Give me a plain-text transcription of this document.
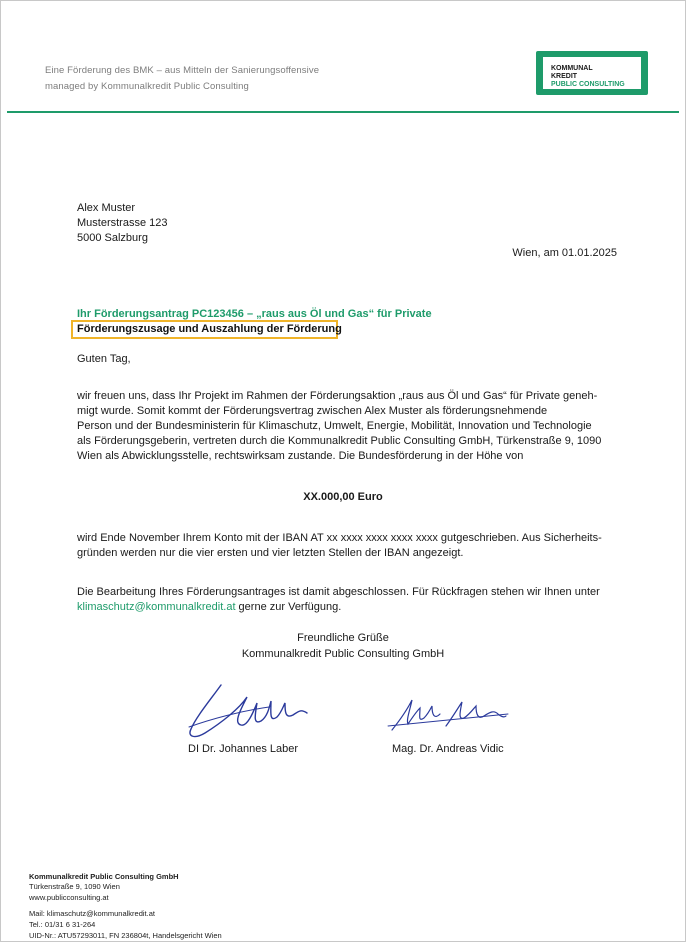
Eine Förderung des BMK – aus Mitteln der Sanierungsoffensive
managed by Kommunalkredit Public Consulting
KOMMUNAL
KREDIT
PUBLIC CONSULTING
Alex Muster
Musterstrasse 123
5000 Salzburg
Wien, am 01.01.2025
Ihr Förderungsantrag PC123456 – „raus aus Öl und Gas“ für Private
Förderungszusage und Auszahlung der Förderung
Guten Tag,
wir freuen uns, dass Ihr Projekt im Rahmen der Förderungsaktion „raus aus Öl und Gas“ für Private geneh-
migt wurde. Somit kommt der Förderungsvertrag zwischen Alex Muster als förderungsnehmende
Person und der Bundesministerin für Klimaschutz, Umwelt, Energie, Mobilität, Innovation und Technologie
als Förderungsgeberin, vertreten durch die Kommunalkredit Public Consulting GmbH, Türkenstraße 9, 1090
Wien als Abwicklungsstelle, rechtswirksam zustande. Die Bundesförderung in der Höhe von
XX.000,00 Euro
wird Ende November Ihrem Konto mit der IBAN AT xx xxxx xxxx xxxx xxxx gutgeschrieben. Aus Sicherheits-
gründen werden nur die vier ersten und vier letzten Stellen der IBAN angezeigt.
Die Bearbeitung Ihres Förderungsantrages ist damit abgeschlossen. Für Rückfragen stehen wir Ihnen unter
klimaschutz@kommunalkredit.at gerne zur Verfügung.
Freundliche Grüße
Kommunalkredit Public Consulting GmbH
DI Dr. Johannes Laber	Mag. Dr. Andreas Vidic
Kommunalkredit Public Consulting GmbH
Türkenstraße 9, 1090 Wien
www.publicconsulting.at
Mail: klimaschutz@kommunalkredit.at
Tel.: 01/31 6 31-264
UID-Nr.: ATU57293011, FN 236804t, Handelsgericht Wien
